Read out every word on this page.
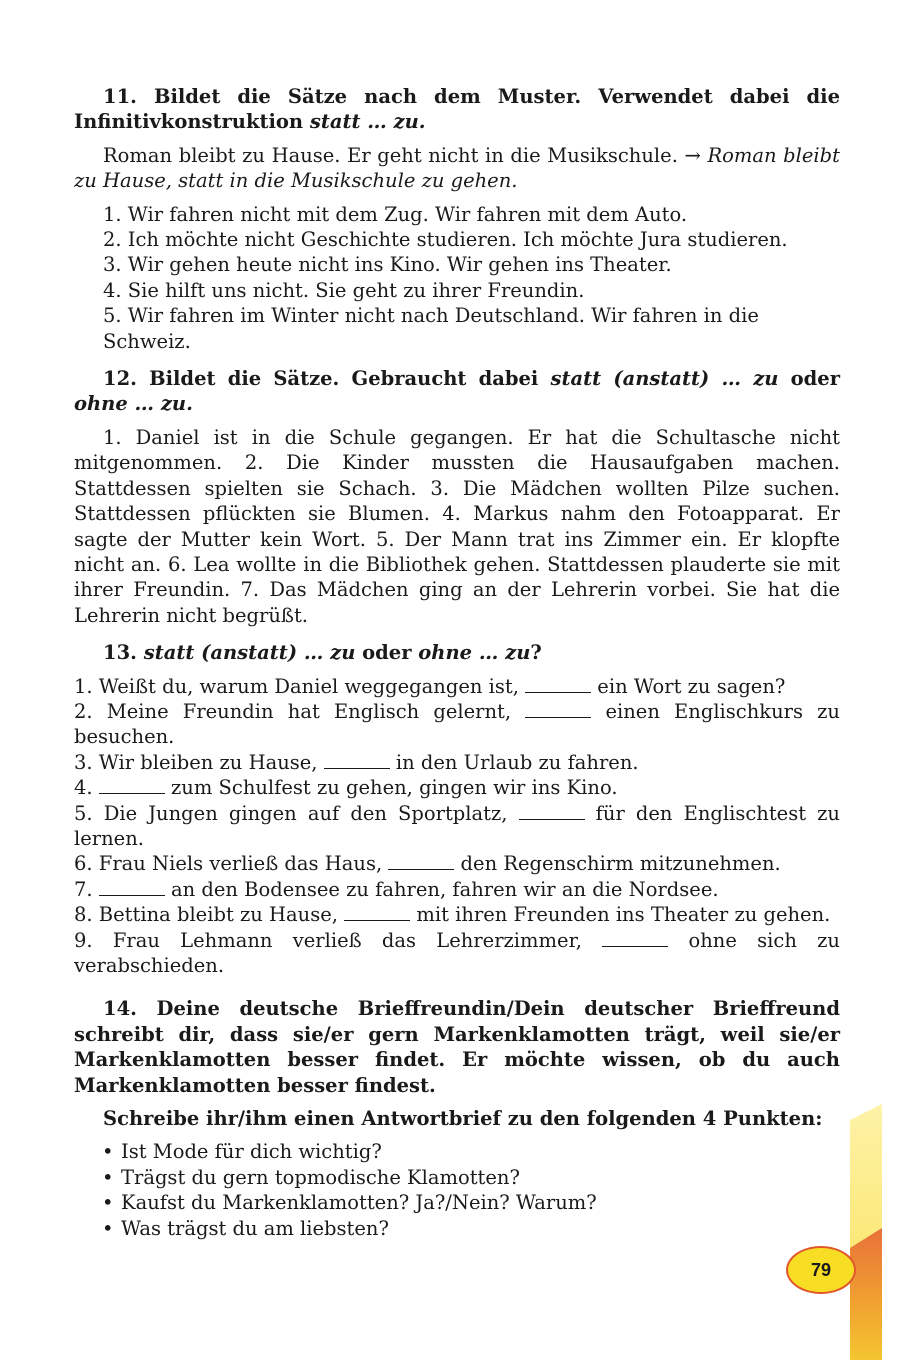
11. Bildet die Sätze nach dem Muster. Verwendet dabei die Infinitivkonstruktion statt … zu.

Roman bleibt zu Hause. Er geht nicht in die Musikschule. → Roman bleibt zu Hause, statt in die Musikschule zu gehen.

1. Wir fahren nicht mit dem Zug. Wir fahren mit dem Auto.
2. Ich möchte nicht Geschichte studieren. Ich möchte Jura studieren.
3. Wir gehen heute nicht ins Kino. Wir gehen ins Theater.
4. Sie hilft uns nicht. Sie geht zu ihrer Freundin.
5. Wir fahren im Winter nicht nach Deutschland. Wir fahren in die Schweiz.

12. Bildet die Sätze. Gebraucht dabei statt (anstatt) … zu oder ohne … zu.

1. Daniel ist in die Schule gegangen. Er hat die Schultasche nicht mitgenommen. 2. Die Kinder mussten die Hausaufgaben machen. Stattdessen spielten sie Schach. 3. Die Mädchen wollten Pilze suchen. Stattdessen pflückten sie Blumen. 4. Markus nahm den Fotoapparat. Er sagte der Mutter kein Wort. 5. Der Mann trat ins Zimmer ein. Er klopfte nicht an. 6. Lea wollte in die Bibliothek gehen. Stattdessen plauderte sie mit ihrer Freundin. 7. Das Mädchen ging an der Lehrerin vorbei. Sie hat die Lehrerin nicht begrüßt.

13. statt (anstatt) … zu oder ohne … zu?

1. Weißt du, warum Daniel weggegangen ist,	ein Wort zu sagen?
2. Meine Freundin hat Englisch gelernt,	einen Englischkurs zu besuchen.
3. Wir bleiben zu Hause,	in den Urlaub zu fahren.
4.	zum Schulfest zu gehen, gingen wir ins Kino.
5. Die Jungen gingen auf den Sportplatz,	für den Englischtest zu lernen.
6. Frau Niels verließ das Haus,	den Regenschirm mitzunehmen.
7.	an den Bodensee zu fahren, fahren wir an die Nordsee.
8. Bettina bleibt zu Hause,	mit ihren Freunden ins Theater zu gehen.
9. Frau Lehmann verließ das Lehrerzimmer,	ohne sich zu verabschieden.

14. Deine deutsche Brieffreundin/Dein deutscher Brieffreund schreibt dir, dass sie/er gern Markenklamotten trägt, weil sie/er Markenklamotten besser findet. Er möchte wissen, ob du auch Markenklamotten besser findest.

Schreibe ihr/ihm einen Antwortbrief zu den folgenden 4 Punkten:

• Ist Mode für dich wichtig?
• Trägst du gern topmodische Klamotten?
• Kaufst du Markenklamotten? Ja?/Nein? Warum?
• Was trägst du am liebsten?
79
